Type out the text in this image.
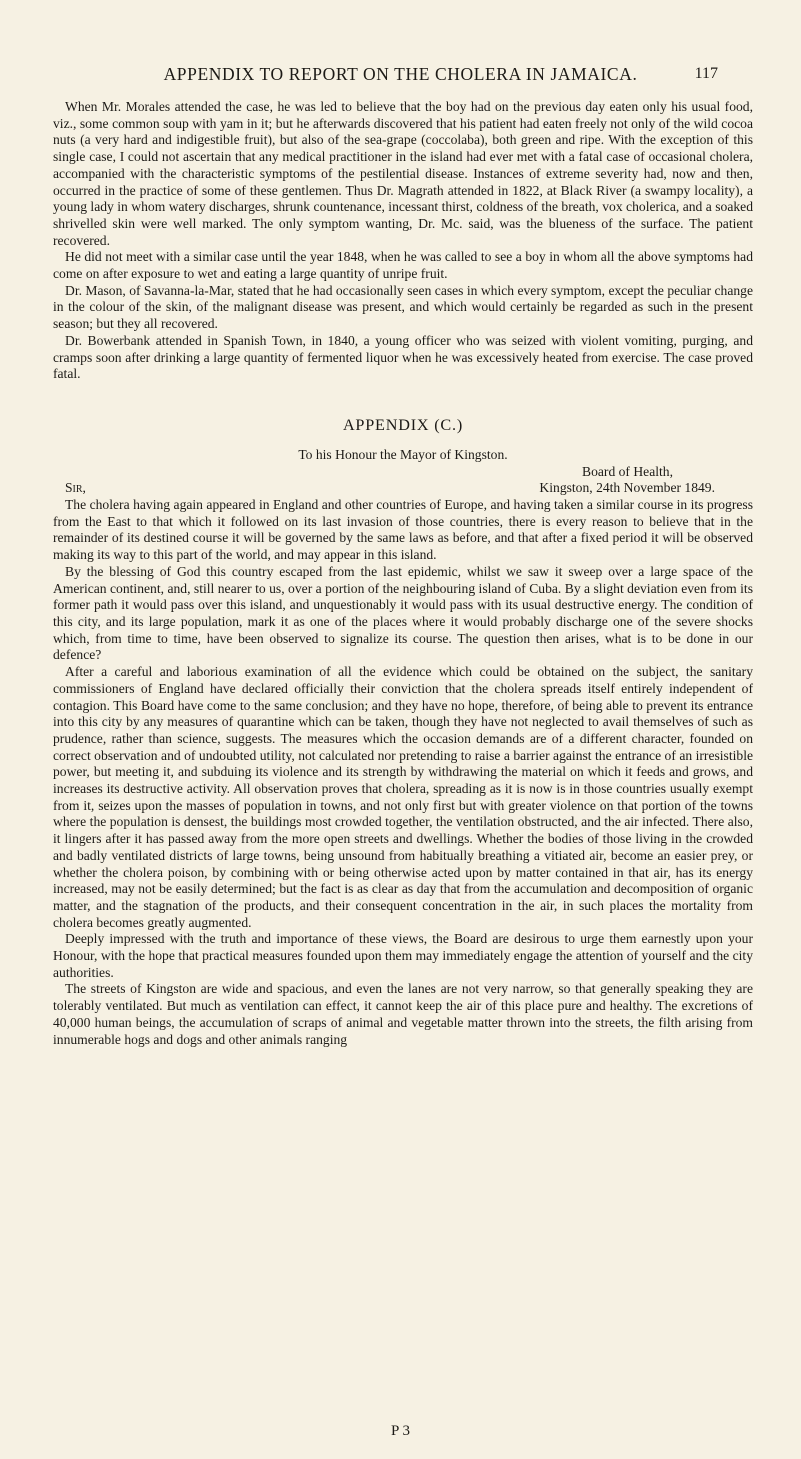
APPENDIX TO REPORT ON THE CHOLERA IN JAMAICA.	117

When Mr. Morales attended the case, he was led to believe that the boy had on the previous day eaten only his usual food, viz., some common soup with yam in it; but he afterwards discovered that his patient had eaten freely not only of the wild cocoa nuts (a very hard and indigestible fruit), but also of the sea-grape (coccolaba), both green and ripe. With the exception of this single case, I could not ascertain that any medical practitioner in the island had ever met with a fatal case of occasional cholera, accompanied with the characteristic symptoms of the pestilential disease. Instances of extreme severity had, now and then, occurred in the practice of some of these gentlemen. Thus Dr. Magrath attended in 1822, at Black River (a swampy locality), a young lady in whom watery discharges, shrunk countenance, incessant thirst, coldness of the breath, vox cholerica, and a soaked shrivelled skin were well marked. The only symptom wanting, Dr. Mc. said, was the blueness of the surface. The patient recovered.

He did not meet with a similar case until the year 1848, when he was called to see a boy in whom all the above symptoms had come on after exposure to wet and eating a large quantity of unripe fruit.

Dr. Mason, of Savanna-la-Mar, stated that he had occasionally seen cases in which every symptom, except the peculiar change in the colour of the skin, of the malignant disease was present, and which would certainly be regarded as such in the present season; but they all recovered.

Dr. Bowerbank attended in Spanish Town, in 1840, a young officer who was seized with violent vomiting, purging, and cramps soon after drinking a large quantity of fermented liquor when he was excessively heated from exercise. The case proved fatal.

APPENDIX (C.)
To his Honour the Mayor of Kingston.
Board of Health,
Sir,	Kingston, 24th November 1849.

The cholera having again appeared in England and other countries of Europe, and having taken a similar course in its progress from the East to that which it followed on its last invasion of those countries, there is every reason to believe that in the remainder of its destined course it will be governed by the same laws as before, and that after a fixed period it will be observed making its way to this part of the world, and may appear in this island.

By the blessing of God this country escaped from the last epidemic, whilst we saw it sweep over a large space of the American continent, and, still nearer to us, over a portion of the neighbouring island of Cuba. By a slight deviation even from its former path it would pass over this island, and unquestionably it would pass with its usual destructive energy. The condition of this city, and its large population, mark it as one of the places where it would probably discharge one of the severe shocks which, from time to time, have been observed to signalize its course. The question then arises, what is to be done in our defence?

After a careful and laborious examination of all the evidence which could be obtained on the subject, the sanitary commissioners of England have declared officially their conviction that the cholera spreads itself entirely independent of contagion. This Board have come to the same conclusion; and they have no hope, therefore, of being able to prevent its entrance into this city by any measures of quarantine which can be taken, though they have not neglected to avail themselves of such as prudence, rather than science, suggests. The measures which the occasion demands are of a different character, founded on correct observation and of undoubted utility, not calculated nor pretending to raise a barrier against the entrance of an irresistible power, but meeting it, and subduing its violence and its strength by withdrawing the material on which it feeds and grows, and increases its destructive activity. All observation proves that cholera, spreading as it is now is in those countries usually exempt from it, seizes upon the masses of population in towns, and not only first but with greater violence on that portion of the towns where the population is densest, the buildings most crowded together, the ventilation obstructed, and the air infected. There also, it lingers after it has passed away from the more open streets and dwellings. Whether the bodies of those living in the crowded and badly ventilated districts of large towns, being unsound from habitually breathing a vitiated air, become an easier prey, or whether the cholera poison, by combining with or being otherwise acted upon by matter contained in that air, has its energy increased, may not be easily determined; but the fact is as clear as day that from the accumulation and decomposition of organic matter, and the stagnation of the products, and their consequent concentration in the air, in such places the mortality from cholera becomes greatly augmented.

Deeply impressed with the truth and importance of these views, the Board are desirous to urge them earnestly upon your Honour, with the hope that practical measures founded upon them may immediately engage the attention of yourself and the city authorities.

The streets of Kingston are wide and spacious, and even the lanes are not very narrow, so that generally speaking they are tolerably ventilated. But much as ventilation can effect, it cannot keep the air of this place pure and healthy. The excretions of 40,000 human beings, the accumulation of scraps of animal and vegetable matter thrown into the streets, the filth arising from innumerable hogs and dogs and other animals ranging

P 3
